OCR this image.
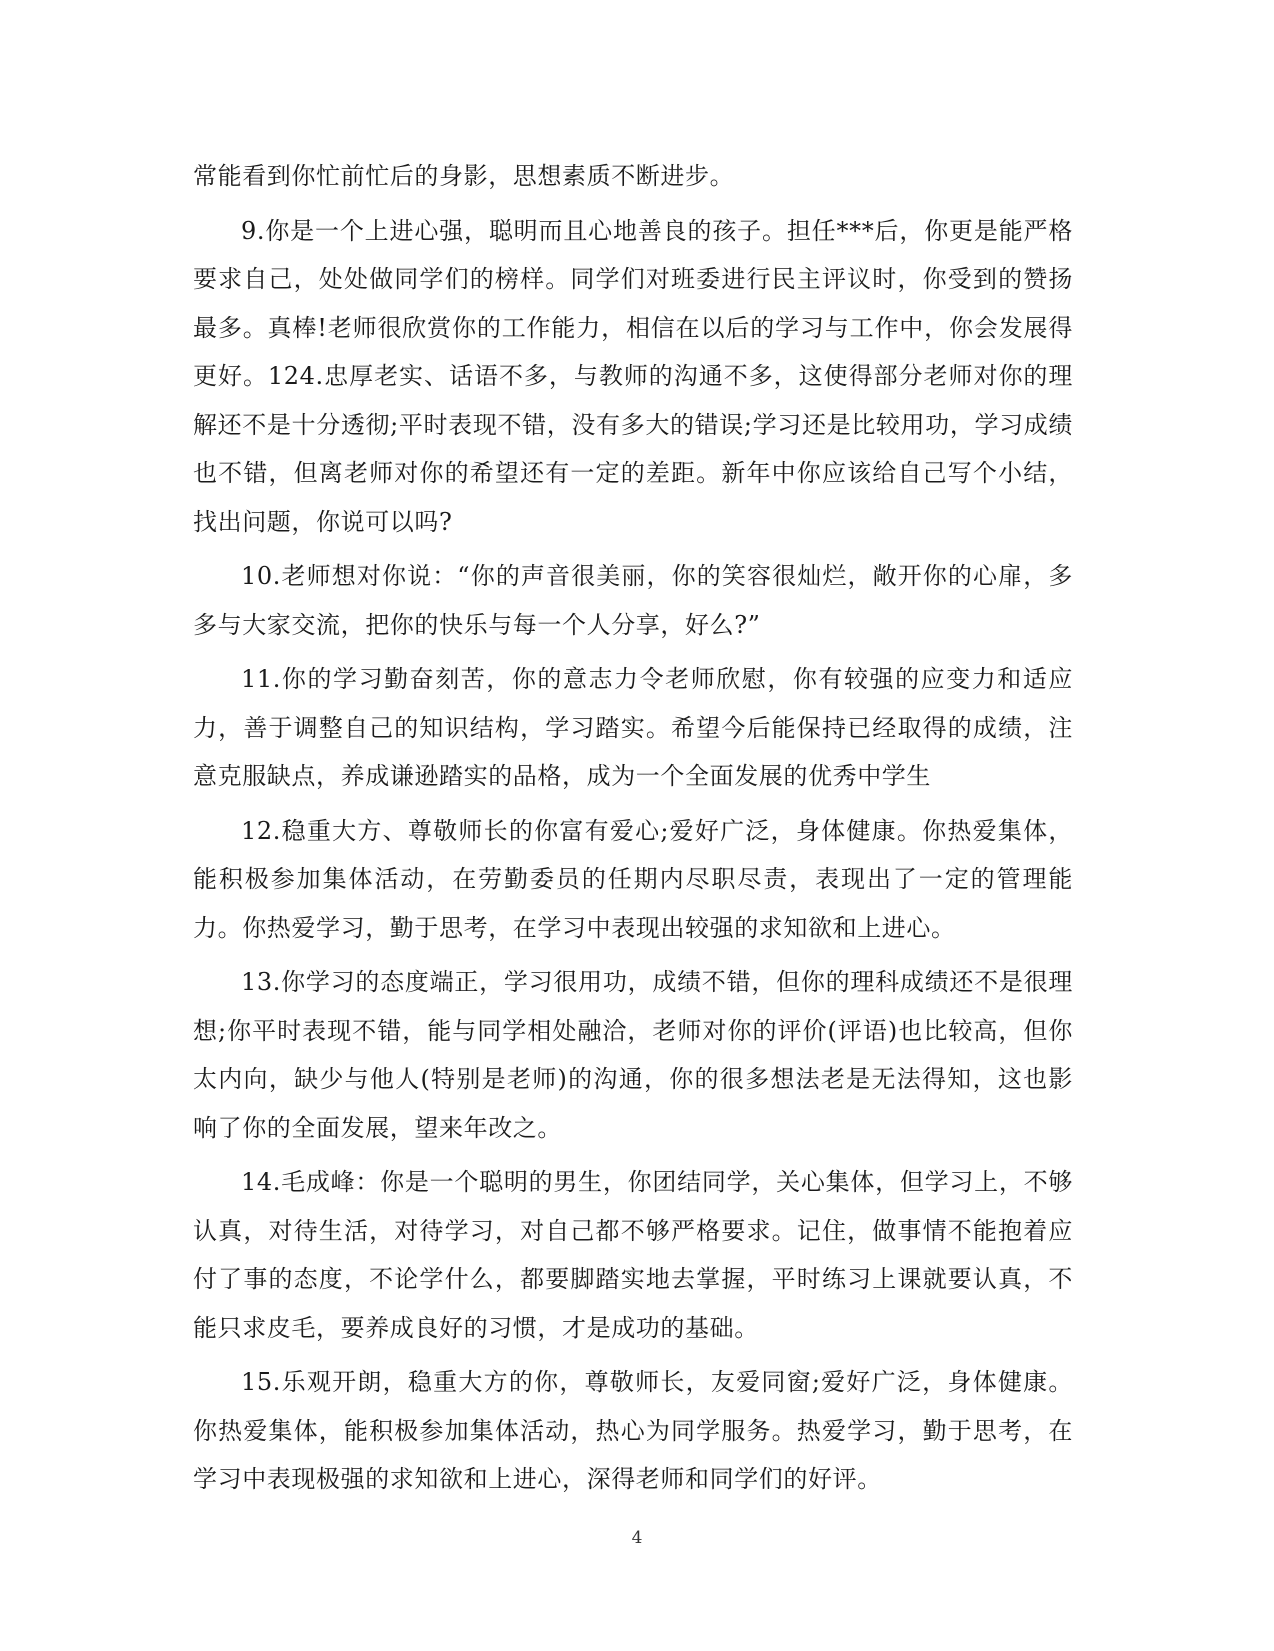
常能看到你忙前忙后的身影，思想素质不断进步。

9.你是一个上进心强，聪明而且心地善良的孩子。担任***后，你更是能严格要求自己，处处做同学们的榜样。同学们对班委进行民主评议时，你受到的赞扬最多。真棒!老师很欣赏你的工作能力，相信在以后的学习与工作中，你会发展得更好。124.忠厚老实、话语不多，与教师的沟通不多，这使得部分老师对你的理解还不是十分透彻;平时表现不错，没有多大的错误;学习还是比较用功，学习成绩也不错，但离老师对你的希望还有一定的差距。新年中你应该给自己写个小结，找出问题，你说可以吗?

10.老师想对你说：“你的声音很美丽，你的笑容很灿烂，敞开你的心扉，多多与大家交流，把你的快乐与每一个人分享，好么?”

11.你的学习勤奋刻苦，你的意志力令老师欣慰，你有较强的应变力和适应力，善于调整自己的知识结构，学习踏实。希望今后能保持已经取得的成绩，注意克服缺点，养成谦逊踏实的品格，成为一个全面发展的优秀中学生

12.稳重大方、尊敬师长的你富有爱心;爱好广泛，身体健康。你热爱集体，能积极参加集体活动，在劳勤委员的任期内尽职尽责，表现出了一定的管理能力。你热爱学习，勤于思考，在学习中表现出较强的求知欲和上进心。

13.你学习的态度端正，学习很用功，成绩不错，但你的理科成绩还不是很理想;你平时表现不错，能与同学相处融洽，老师对你的评价(评语)也比较高，但你太内向，缺少与他人(特别是老师)的沟通，你的很多想法老是无法得知，这也影响了你的全面发展，望来年改之。

14.毛成峰：你是一个聪明的男生，你团结同学，关心集体，但学习上，不够认真，对待生活，对待学习，对自己都不够严格要求。记住，做事情不能抱着应付了事的态度，不论学什么，都要脚踏实地去掌握，平时练习上课就要认真，不能只求皮毛，要养成良好的习惯，才是成功的基础。

15.乐观开朗，稳重大方的你，尊敬师长，友爱同窗;爱好广泛，身体健康。你热爱集体，能积极参加集体活动，热心为同学服务。热爱学习，勤于思考，在学习中表现极强的求知欲和上进心，深得老师和同学们的好评。

4
